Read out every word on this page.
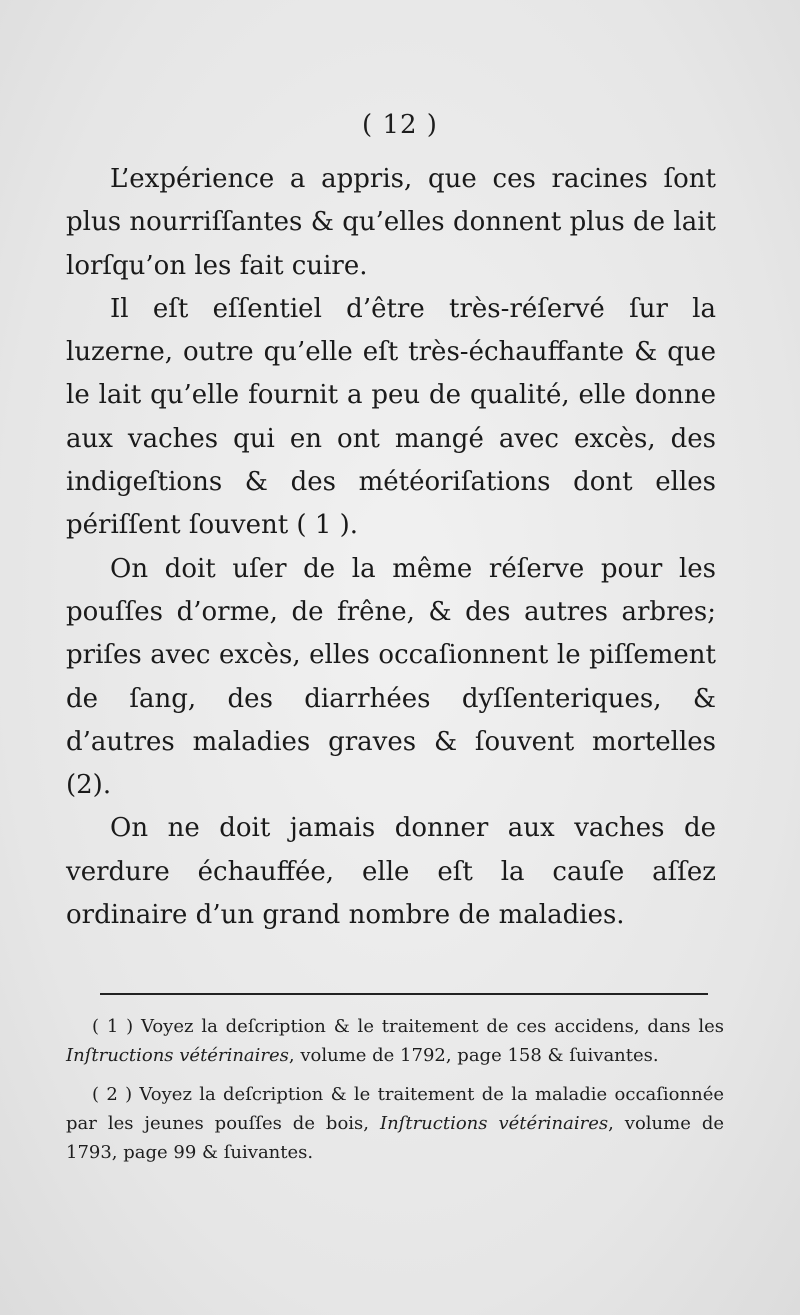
( 12 )

L’expérience a appris, que ces racines ſont plus nourriſſantes & qu’elles donnent plus de lait lorſqu’on les fait cuire.

Il eſt eſſentiel d’être très-réſervé ſur la luzerne, outre qu’elle eſt très-échauffante & que le lait qu’elle fournit a peu de qualité, elle donne aux vaches qui en ont mangé avec excès, des indigeſtions & des météoriſations dont elles périſſent ſouvent ( 1 ).

On doit uſer de la même réſerve pour les pouſſes d’orme, de frêne, & des autres arbres; priſes avec excès, elles occaſionnent le piſſement de ſang, des diarrhées dyſſenteriques, & d’autres maladies graves & ſouvent mortelles (2).

On ne doit jamais donner aux vaches de verdure échauffée, elle eſt la cauſe aſſez ordinaire d’un grand nombre de maladies.

( 1 ) Voyez la deſcription & le traitement de ces accidens, dans les Inſtructions vétérinaires, volume de 1792, page 158 & ſuivantes.

( 2 ) Voyez la deſcription & le traitement de la maladie occaſionnée par les jeunes pouſſes de bois, Inſtructions vétérinaires, volume de 1793, page 99 & ſuivantes.
